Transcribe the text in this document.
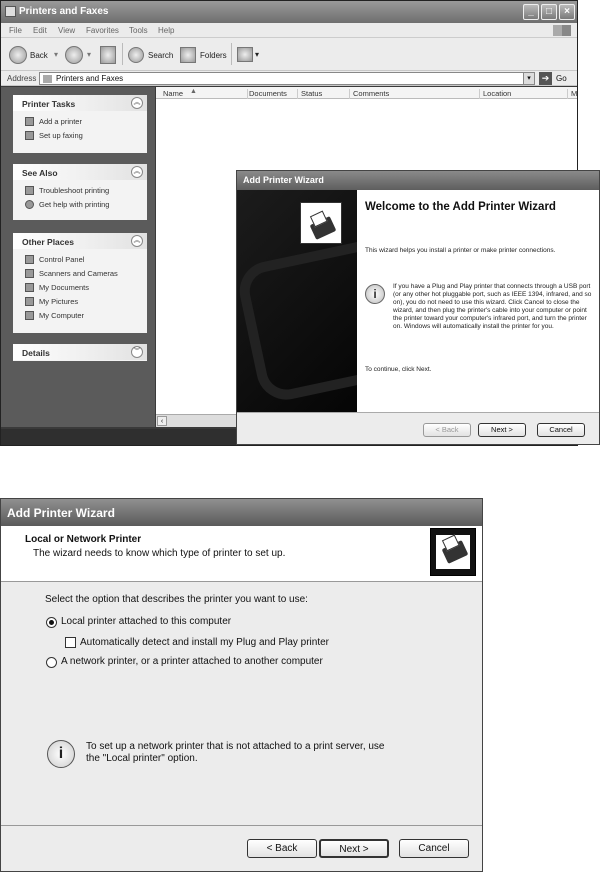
Printers and Faxes	_	□	×
File Edit View Favorites Tools Help
Back ▾	▾	Search	Folders	▾
Address Printers and Faxes	▾	➔ Go
Printer Tasks	︽
Add a printer
Set up faxing
See Also	︽
Troubleshoot printing
Get help with printing
Other Places	︽
Control Panel
Scanners and Cameras
My Documents
My Pictures
My Computer
Details	︾
Name ▲	Documents	Status	Comments	Location	M
‹
Add Printer Wizard
Welcome to the Add Printer Wizard
This wizard helps you install a printer or make printer connections.
i
If you have a Plug and Play printer that connects through a USB port (or any other hot pluggable port, such as IEEE 1394, infrared, and so on), you do not need to use this wizard. Click Cancel to close the wizard, and then plug the printer's cable into your computer or point the printer toward your computer's infrared port, and turn the printer on. Windows will automatically install the printer for you.
To continue, click Next.
< Back	Next >	Cancel
Add Printer Wizard
Local or Network Printer
The wizard needs to know which type of printer to set up.
Select the option that describes the printer you want to use:
Local printer attached to this computer
Automatically detect and install my Plug and Play printer
A network printer, or a printer attached to another computer
i	To set up a network printer that is not attached to a print server, use the "Local printer" option.
< Back	Next >	Cancel
